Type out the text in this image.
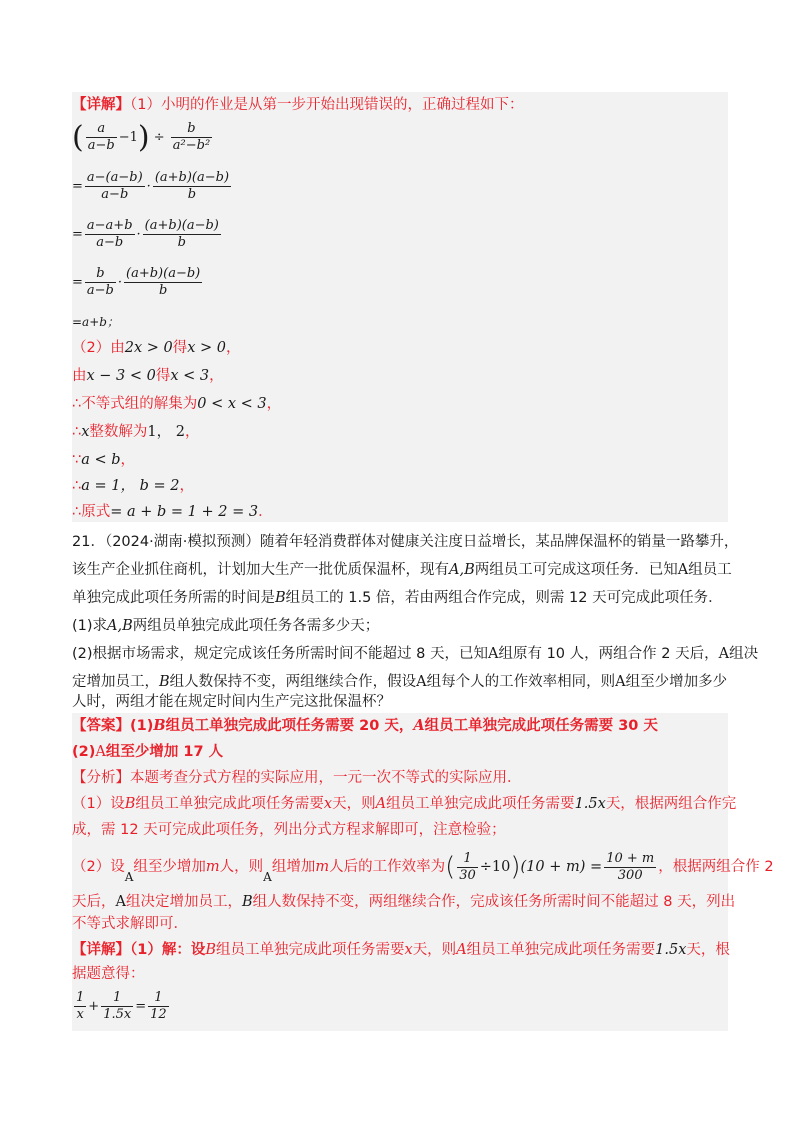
【详解】（1）小明的作业是从第一步开始出现错误的，正确过程如下：
( $\frac{a}{a-b} -1) \div \frac{b}{\text{a²−b²}}$
= $\frac{a-(a-b)}{a-b} \cdot \frac{(a+b)(a-b)}{b}$
= $\frac{a-a+b}{a-b} \cdot \frac{(a+b)(a-b)}{b}$
= $\frac{b}{a-b} \cdot \frac{(a+b)(a-b)}{b}$
=a+b；
（2）由2x > 0得x > 0，
由x − 3 < 0得x < 3，
∴不等式组的解集为0 < x < 3，
∴x整数解为1， 2，
∵a < b，
∴a = 1， b = 2，
∴原式= a + b = 1 + 2 = 3．
21．（2024·湖南·模拟预测）随着年轻消费群体对健康关注度日益增长，某品牌保温杯的销量一路攀升，
该生产企业抓住商机，计划加大生产一批优质保温杯，现有A,B两组员工可完成这项任务．已知A组员工
单独完成此项任务所需的时间是B组员工的 1.5 倍，若由两组合作完成，则需 12 天可完成此项任务．
(1)求A,B两组员单独完成此项任务各需多少天；
(2)根据市场需求，规定完成该任务所需时间不能超过 8 天，已知A组原有 10 人，两组合作 2 天后，A组决
定增加员工，B组人数保持不变，两组继续合作，假设A组每个人的工作效率相同，则A组至少增加多少
人时，两组才能在规定时间内生产完这批保温杯？
【答案】(1)B组员工单独完成此项任务需要 20 天，A组员工单独完成此项任务需要 30 天
(2)A组至少增加 17 人
【分析】本题考查分式方程的实际应用，一元一次不等式的实际应用．
（1）设B组员工单独完成此项任务需要x天，则A组员工单独完成此项任务需要1.5x天，根据两组合作完
成，需 12 天可完成此项任务，列出分式方程求解即可，注意检验；
（2）设$_A$组至少增加m人，则$_A$组增加m人后的工作效率为( $\frac{1}{30} \div 10)(10 + m) = \frac{10 + m}{300}$ ，根据两组合作 2
天后，A组决定增加员工，B组人数保持不变，两组继续合作，完成该任务所需时间不能超过 8 天，列出
不等式求解即可．
【详解】（1）解：设B组员工单独完成此项任务需要x天，则A组员工单独完成此项任务需要1.5x天，根
据题意得：
$\frac{1}{x} + \frac{1}{1.5x} = \frac{1}{12}$
